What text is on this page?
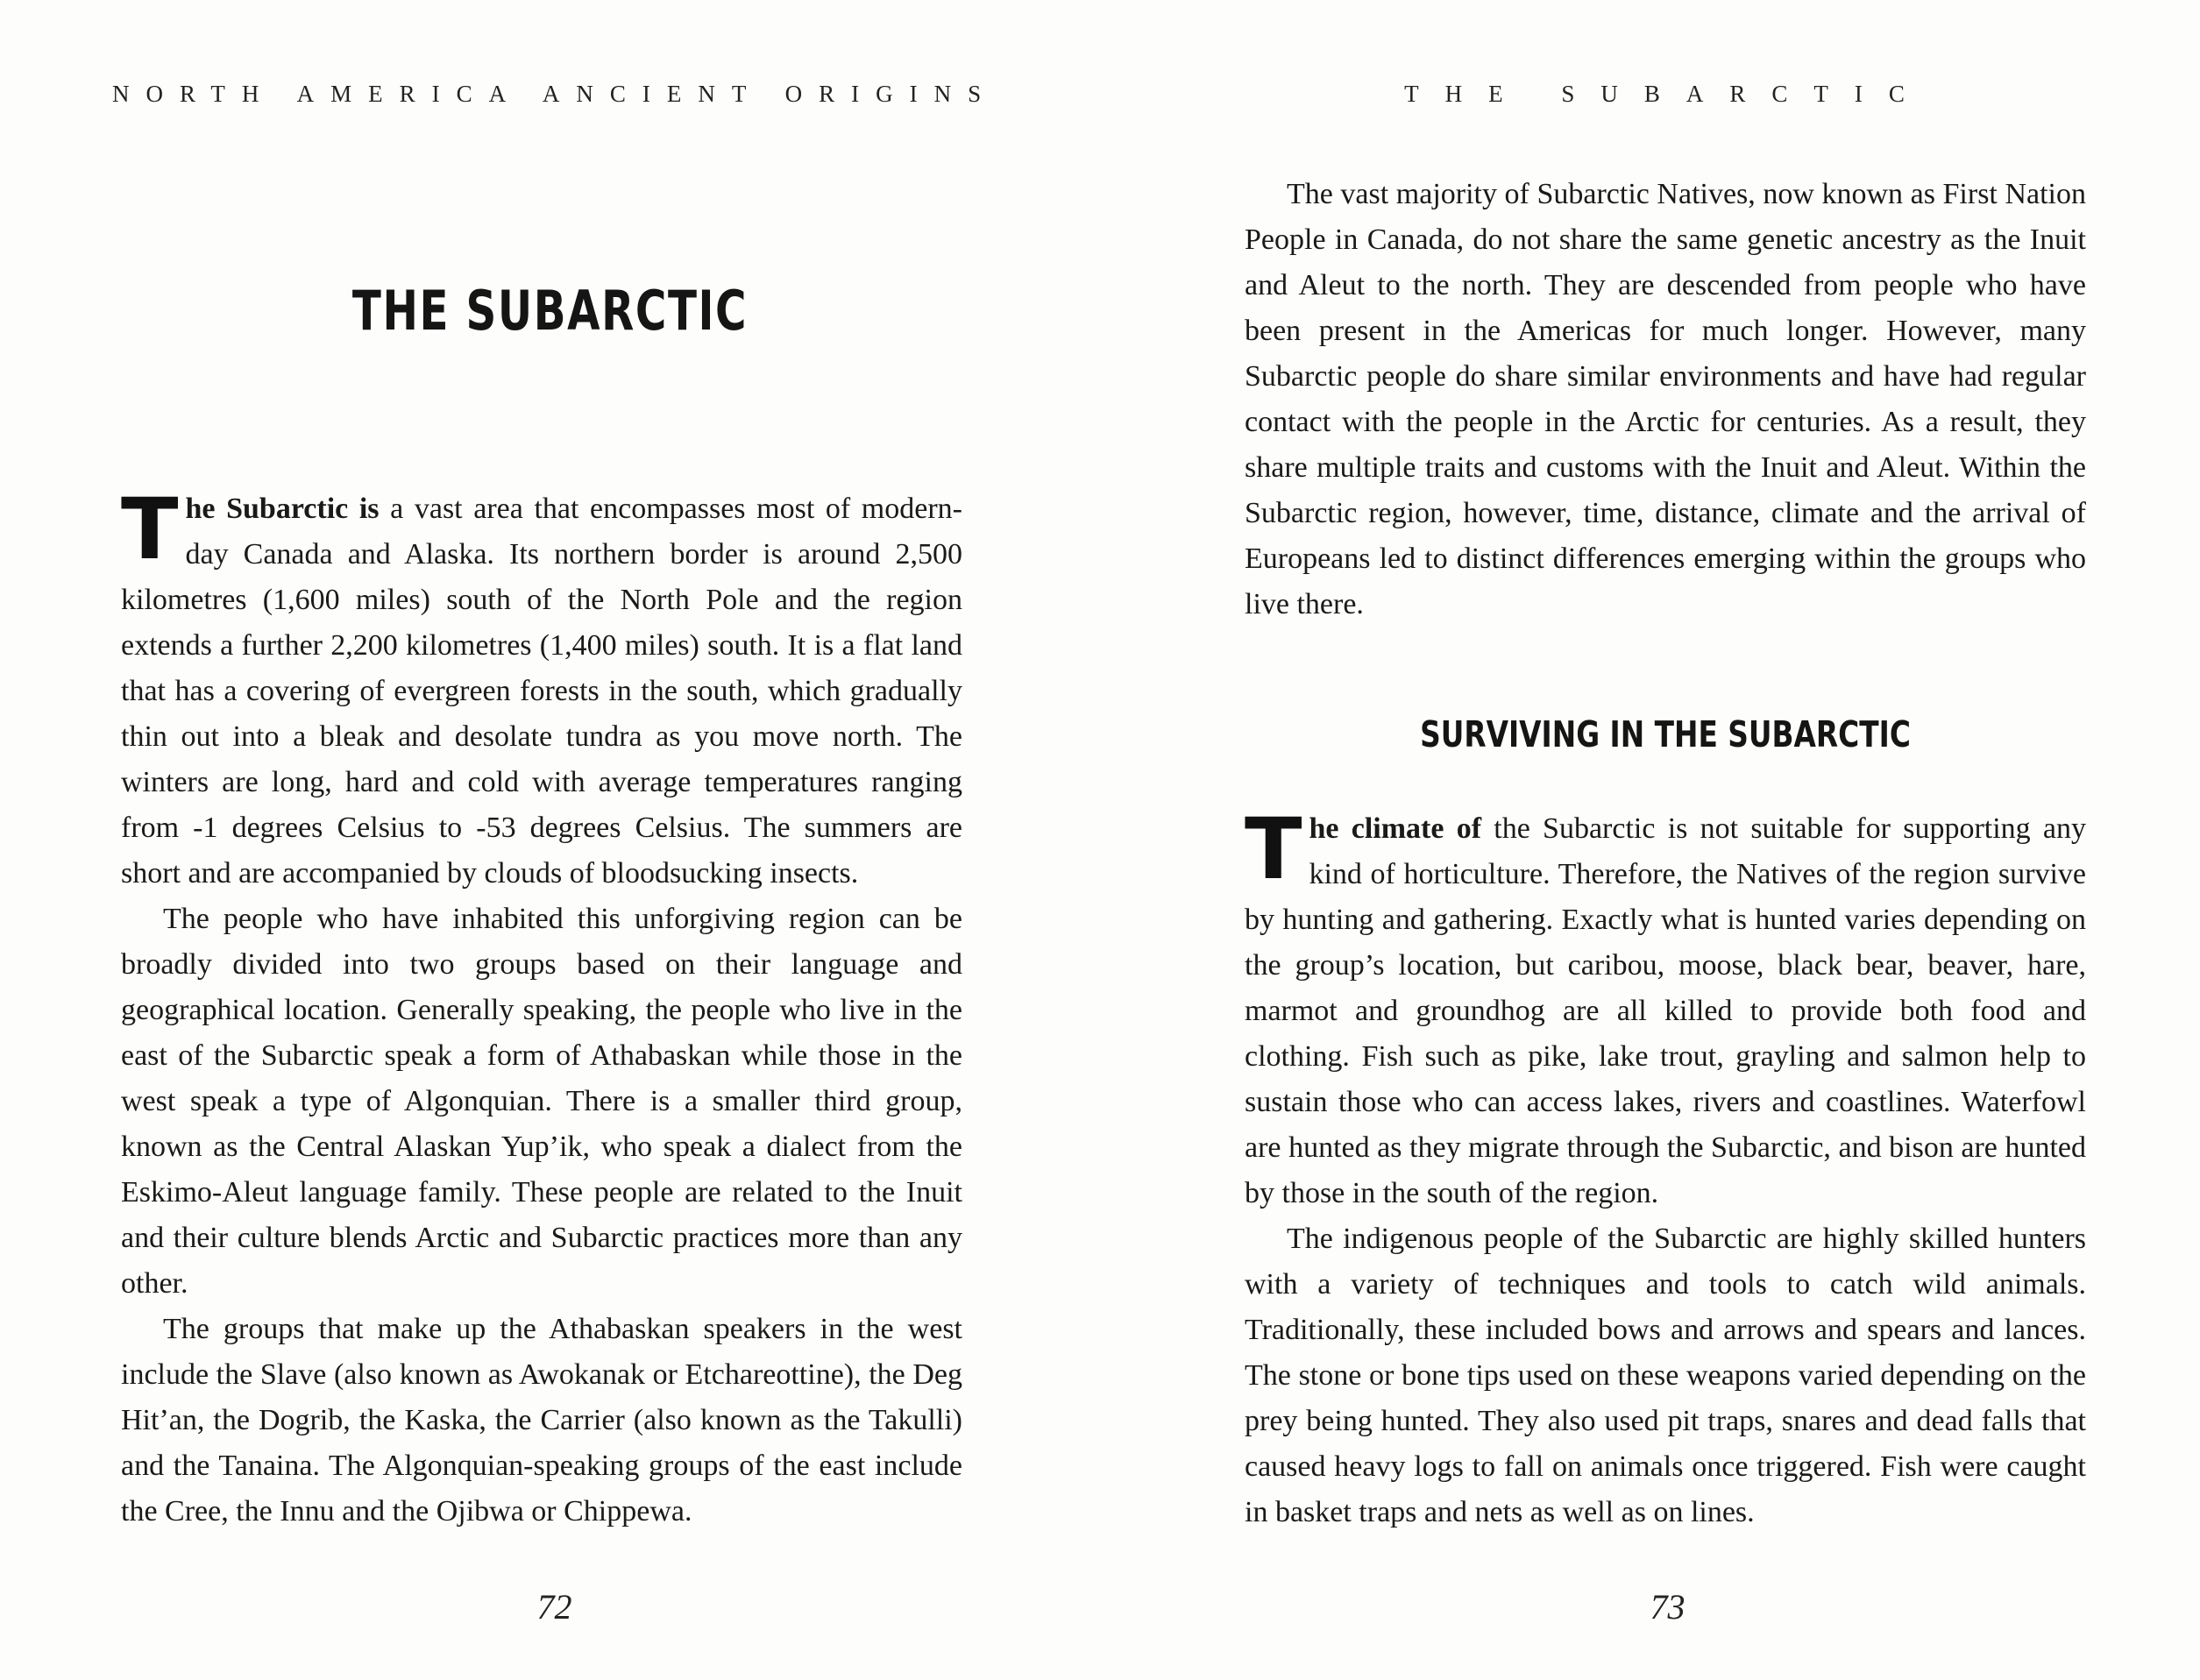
NORTH AMERICA ANCIENT ORIGINS
THE SUBARCTIC

The Subarctic is a vast area that encompasses most of modern-day Canada and Alaska. Its northern border is around 2,500 kilometres (1,600 miles) south of the North Pole and the region extends a further 2,200 kilometres (1,400 miles) south. It is a flat land that has a covering of evergreen forests in the south, which gradually thin out into a bleak and desolate tundra as you move north. The winters are long, hard and cold with average temperatures ranging from -1 degrees Celsius to -53 degrees Celsius. The summers are short and are accompanied by clouds of bloodsucking insects.

The people who have inhabited this unforgiving region can be broadly divided into two groups based on their language and geographical location. Generally speaking, the people who live in the east of the Subarctic speak a form of Athabaskan while those in the west speak a type of Algonquian. There is a smaller third group, known as the Central Alaskan Yup’ik, who speak a dialect from the Eskimo-Aleut language family. These people are related to the Inuit and their culture blends Arctic and Subarctic practices more than any other.

The groups that make up the Athabaskan speakers in the west include the Slave (also known as Awokanak or Etchareottine), the Deg Hit’an, the Dogrib, the Kaska, the Carrier (also known as the Takulli) and the Tanaina. The Algonquian-speaking groups of the east include the Cree, the Innu and the Ojibwa or Chippewa.

72
THE SUBARCTIC

The vast majority of Subarctic Natives, now known as First Nation People in Canada, do not share the same genetic ancestry as the Inuit and Aleut to the north. They are descended from people who have been present in the Americas for much longer. However, many Subarctic people do share similar environments and have had regular contact with the people in the Arctic for centuries. As a result, they share multiple traits and customs with the Inuit and Aleut. Within the Subarctic region, however, time, distance, climate and the arrival of Europeans led to distinct differences emerging within the groups who live there.

SURVIVING IN THE SUBARCTIC

The climate of the Subarctic is not suitable for supporting any kind of horticulture. Therefore, the Natives of the region survive by hunting and gathering. Exactly what is hunted varies depending on the group’s location, but caribou, moose, black bear, beaver, hare, marmot and groundhog are all killed to provide both food and clothing. Fish such as pike, lake trout, grayling and salmon help to sustain those who can access lakes, rivers and coastlines. Waterfowl are hunted as they migrate through the Subarctic, and bison are hunted by those in the south of the region.

The indigenous people of the Subarctic are highly skilled hunters with a variety of techniques and tools to catch wild animals. Traditionally, these included bows and arrows and spears and lances. The stone or bone tips used on these weapons varied depending on the prey being hunted. They also used pit traps, snares and dead falls that caused heavy logs to fall on animals once triggered. Fish were caught in basket traps and nets as well as on lines.

73
